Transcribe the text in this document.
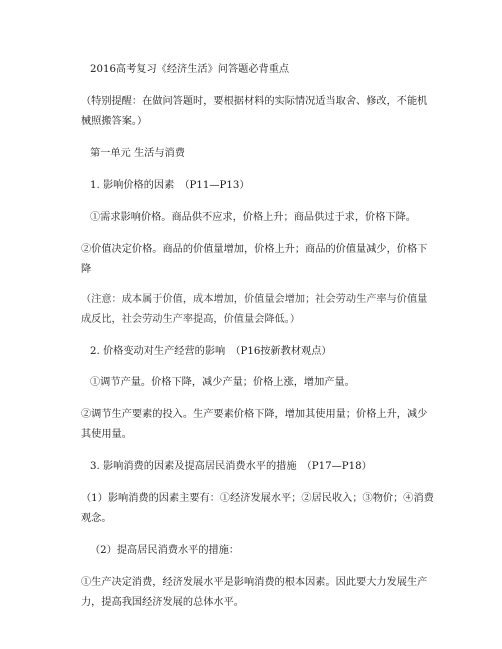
2016高考复习《经济生活》问答题必背重点

（特别提醒：在做问答题时，要根据材料的实际情况适当取舍、修改，不能机械照搬答案。）

第一单元 生活与消费

1. 影响价格的因素　（P11—P13）

①需求影响价格。商品供不应求，价格上升；商品供过于求，价格下降。

②价值决定价格。商品的价值量增加，价格上升；商品的价值量减少，价格下降

（注意：成本属于价值，成本增加，价值量会增加；社会劳动生产率与价值量成反比，社会劳动生产率提高，价值量会降低。）

2. 价格变动对生产经营的影响　（P16按新教材观点）

①调节产量。价格下降，减少产量；价格上涨，增加产量。

②调节生产要素的投入。生产要素价格下降，增加其使用量；价格上升，减少其使用量。

3. 影响消费的因素及提高居民消费水平的措施　（P17—P18）

（1）影响消费的因素主要有：①经济发展水平；②居民收入；③物价；④消费观念。

（2）提高居民消费水平的措施：

①生产决定消费，经济发展水平是影响消费的根本因素。因此要大力发展生产力，提高我国经济发展的总体水平。
